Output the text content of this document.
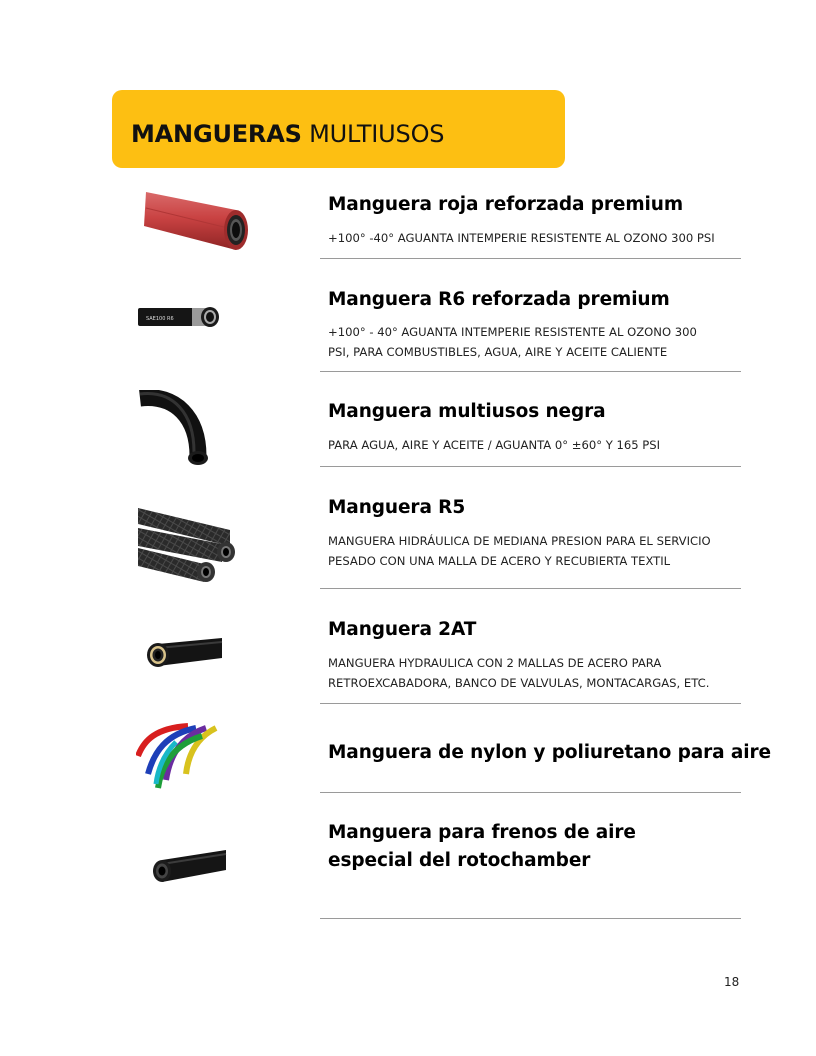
MANGUERAS MULTIUSOS
Manguera roja reforzada premium
+100° -40° AGUANTA INTEMPERIE RESISTENTE AL OZONO 300 PSI
SAE100 R6
Manguera R6 reforzada premium
+100° - 40° AGUANTA INTEMPERIE RESISTENTE AL OZONO 300
PSI, PARA COMBUSTIBLES, AGUA, AIRE Y ACEITE CALIENTE
Manguera multiusos negra
PARA AGUA, AIRE Y ACEITE / AGUANTA 0° ±60° Y 165 PSI
Manguera R5
MANGUERA HIDRÁULICA DE MEDIANA PRESION PARA EL SERVICIO
PESADO CON UNA MALLA DE ACERO Y RECUBIERTA TEXTIL
Manguera 2AT
MANGUERA HYDRAULICA CON 2 MALLAS DE ACERO PARA
RETROEXCABADORA, BANCO DE VALVULAS, MONTACARGAS, ETC.
Manguera de nylon y poliuretano para aire
Manguera para frenos de aire
especial del rotochamber
18
